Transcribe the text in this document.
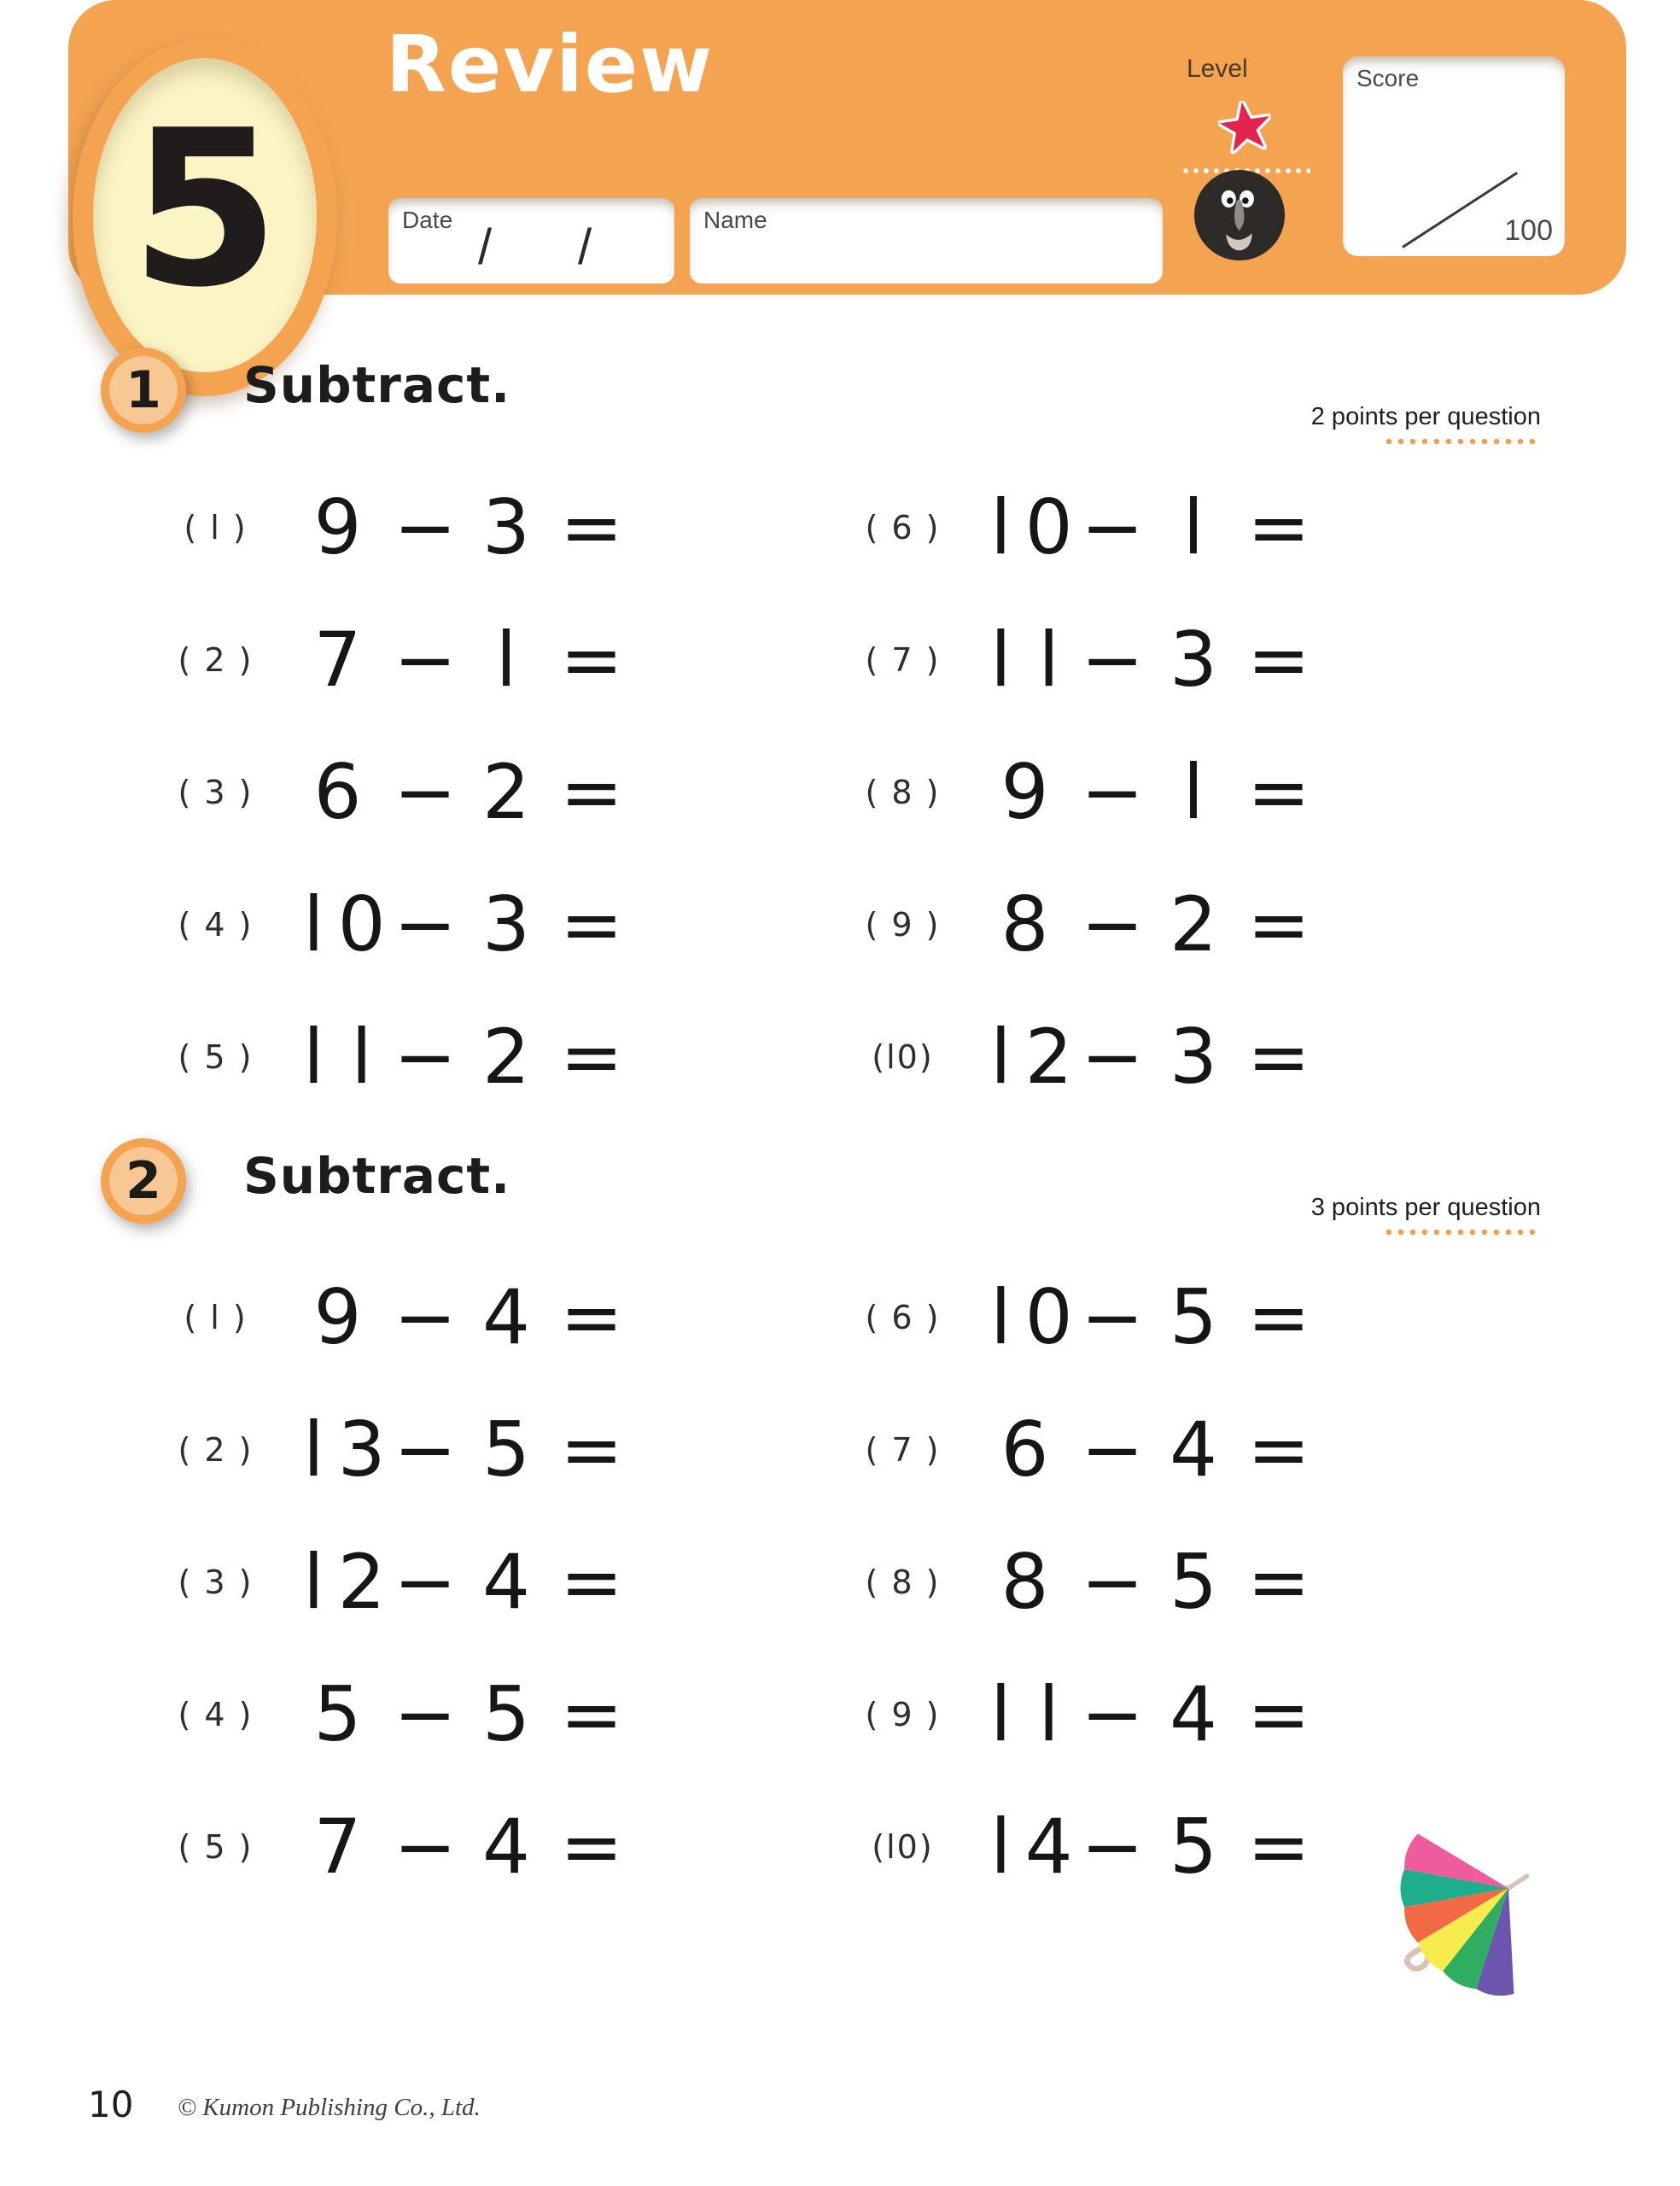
5
Review
Date / /	Name
Level	Score
100
1 Subtract.
2 points per question
( l ) 9 − 3 =
( 2 ) 7 − l =
( 3 ) 6 − 2 =
( 4 ) l 0 − 3 =
( 5 ) l l − 2 =
( 6 ) l 0 − l =
( 7 ) l l − 3 =
( 8 ) 9 − l =
( 9 ) 8 − 2 =
(l0) l 2 − 3 =
2 Subtract.
3 points per question
( l ) 9 − 4 =
( 2 ) l 3 − 5 =
( 3 ) l 2 − 4 =
( 4 ) 5 − 5 =
( 5 ) 7 − 4 =
( 6 ) l 0 − 5 =
( 7 ) 6 − 4 =
( 8 ) 8 − 5 =
( 9 ) l l − 4 =
(l0) l 4 − 5 =
10 © Kumon Publishing Co., Ltd.
